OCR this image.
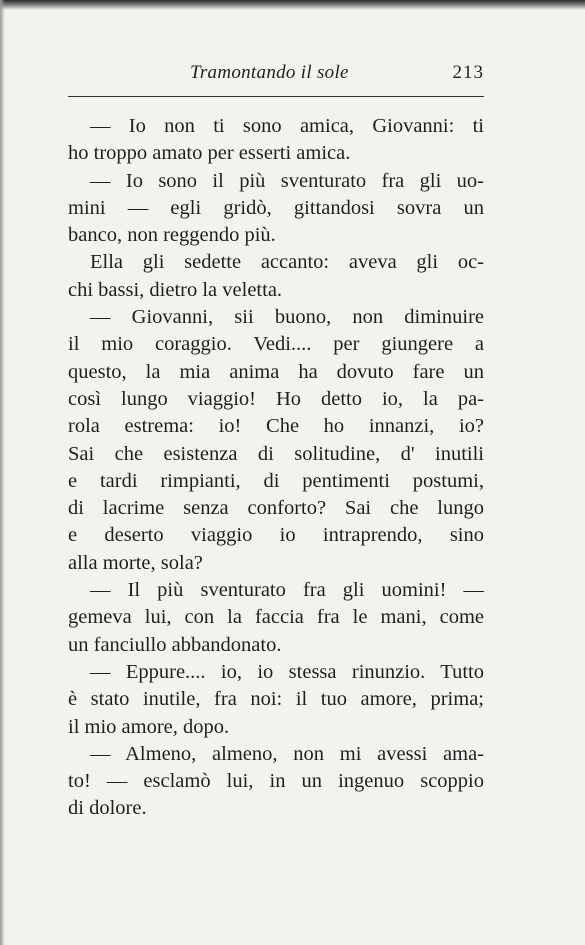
Tramontando il sole	213
— Io non ti sono amica, Giovanni: ti
ho troppo amato per esserti amica.
— Io sono il più sventurato fra gli uo-
mini — egli gridò, gittandosi sovra un
banco, non reggendo più.
Ella gli sedette accanto: aveva gli oc-
chi bassi, dietro la veletta.
— Giovanni, sii buono, non diminuire
il mio coraggio. Vedi.... per giungere a
questo, la mia anima ha dovuto fare un
così lungo viaggio! Ho detto io, la pa-
rola estrema: io! Che ho innanzi, io?
Sai che esistenza di solitudine, d' inutili
e tardi rimpianti, di pentimenti postumi,
di lacrime senza conforto? Sai che lungo
e deserto viaggio io intraprendo, sino
alla morte, sola?
— Il più sventurato fra gli uomini! —
gemeva lui, con la faccia fra le mani, come
un fanciullo abbandonato.
— Eppure.... io, io stessa rinunzio. Tutto
è stato inutile, fra noi: il tuo amore, prima;
il mio amore, dopo.
— Almeno, almeno, non mi avessi ama-
to! — esclamò lui, in un ingenuo scoppio
di dolore.
